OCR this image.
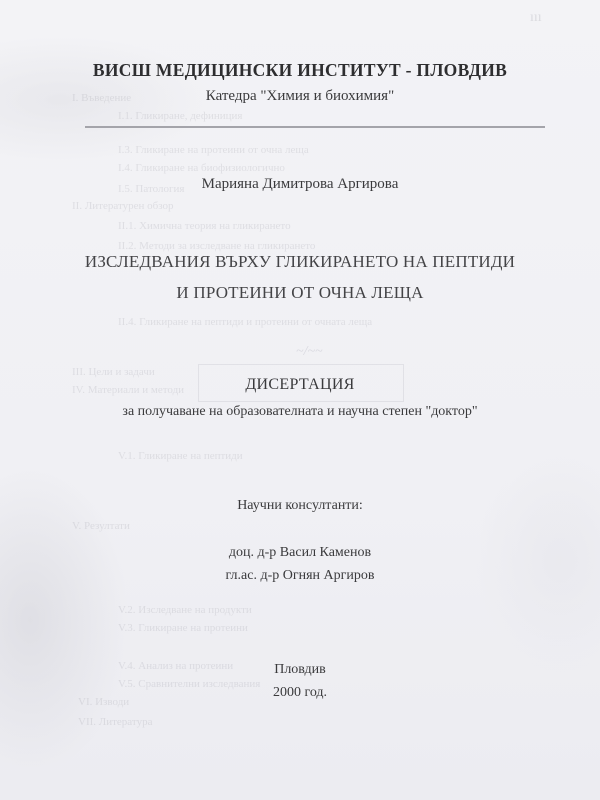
ııı
I. Въведение
I.1. Гликиране, дефиниция
I.3. Гликиране на протеини от очна леща
I.4. Гликиране на биофизиологично
I.5. Патология
II. Литературен обзор
II.1. Химична теория на гликирането
II.2. Методи за изследване на гликирането
II.4. Гликиране на пептиди и протеини от очната леща
III. Цели и задачи
IV. Материали и методи
V.1. Гликиране на пептиди
V. Резултати
V.2. Изследване на продукти
V.3. Гликиране на протеини
V.4. Анализ на протеини
V.5. Сравнителни изследвания
VI. Изводи
VII. Литература
~/~~
ВИСШ МЕДИЦИНСКИ ИНСТИТУТ - ПЛОВДИВ
Катедра "Химия и биохимия"
Марияна Димитрова Аргирова
ИЗСЛЕДВАНИЯ ВЪРХУ ГЛИКИРАНЕТО НА ПЕПТИДИ
И ПРОТЕИНИ ОТ ОЧНА ЛЕЩА
ДИСЕРТАЦИЯ
за получаване на образователната и научна степен "доктор"
Научни консултанти:
доц. д-р Васил Каменов
гл.ас. д-р Огнян Аргиров
Пловдив
2000 год.
